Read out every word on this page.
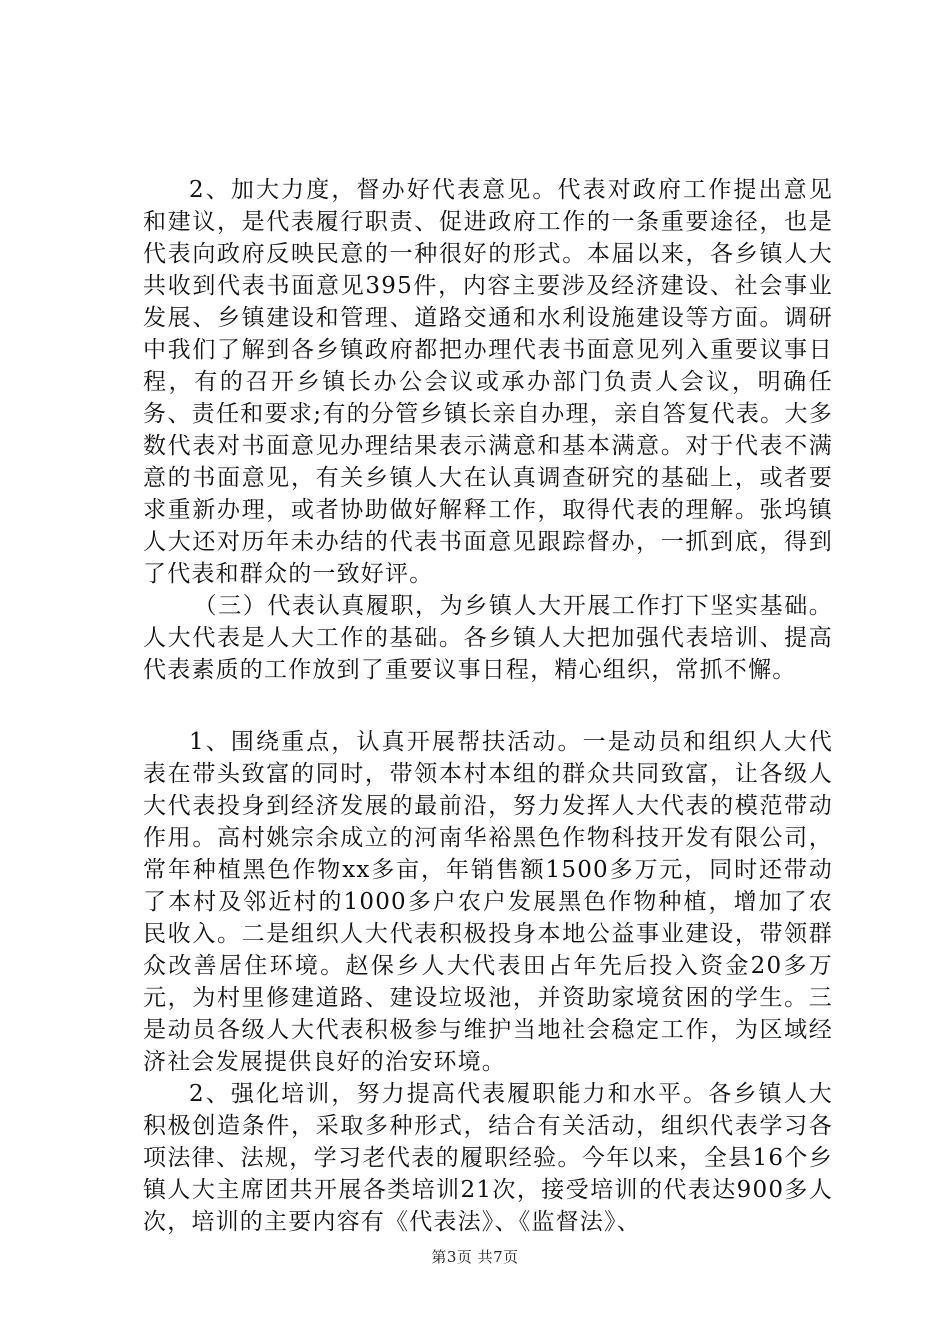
2、加大力度，督办好代表意见。代表对政府工作提出意见和建议，是代表履行职责、促进政府工作的一条重要途径，也是代表向政府反映民意的一种很好的形式。本届以来，各乡镇人大共收到代表书面意见395件，内容主要涉及经济建设、社会事业发展、乡镇建设和管理、道路交通和水利设施建设等方面。调研中我们了解到各乡镇政府都把办理代表书面意见列入重要议事日程，有的召开乡镇长办公会议或承办部门负责人会议，明确任务、责任和要求;有的分管乡镇长亲自办理，亲自答复代表。大多数代表对书面意见办理结果表示满意和基本满意。对于代表不满意的书面意见，有关乡镇人大在认真调查研究的基础上，或者要求重新办理，或者协助做好解释工作，取得代表的理解。张坞镇人大还对历年未办结的代表书面意见跟踪督办，一抓到底，得到了代表和群众的一致好评。

（三）代表认真履职，为乡镇人大开展工作打下坚实基础。人大代表是人大工作的基础。各乡镇人大把加强代表培训、提高代表素质的工作放到了重要议事日程，精心组织，常抓不懈。

1、围绕重点，认真开展帮扶活动。一是动员和组织人大代表在带头致富的同时，带领本村本组的群众共同致富，让各级人大代表投身到经济发展的最前沿，努力发挥人大代表的模范带动作用。高村姚宗余成立的河南华裕黑色作物科技开发有限公司，常年种植黑色作物xx多亩，年销售额1500多万元，同时还带动了本村及邻近村的1000多户农户发展黑色作物种植，增加了农民收入。二是组织人大代表积极投身本地公益事业建设，带领群众改善居住环境。赵保乡人大代表田占年先后投入资金20多万元，为村里修建道路、建设垃圾池，并资助家境贫困的学生。三是动员各级人大代表积极参与维护当地社会稳定工作，为区域经济社会发展提供良好的治安环境。

2、强化培训，努力提高代表履职能力和水平。各乡镇人大积极创造条件，采取多种形式，结合有关活动，组织代表学习各项法律、法规，学习老代表的履职经验。今年以来，全县16个乡镇人大主席团共开展各类培训21次，接受培训的代表达900多人次，培训的主要内容有《代表法》、《监督法》、

第3页 共7页
